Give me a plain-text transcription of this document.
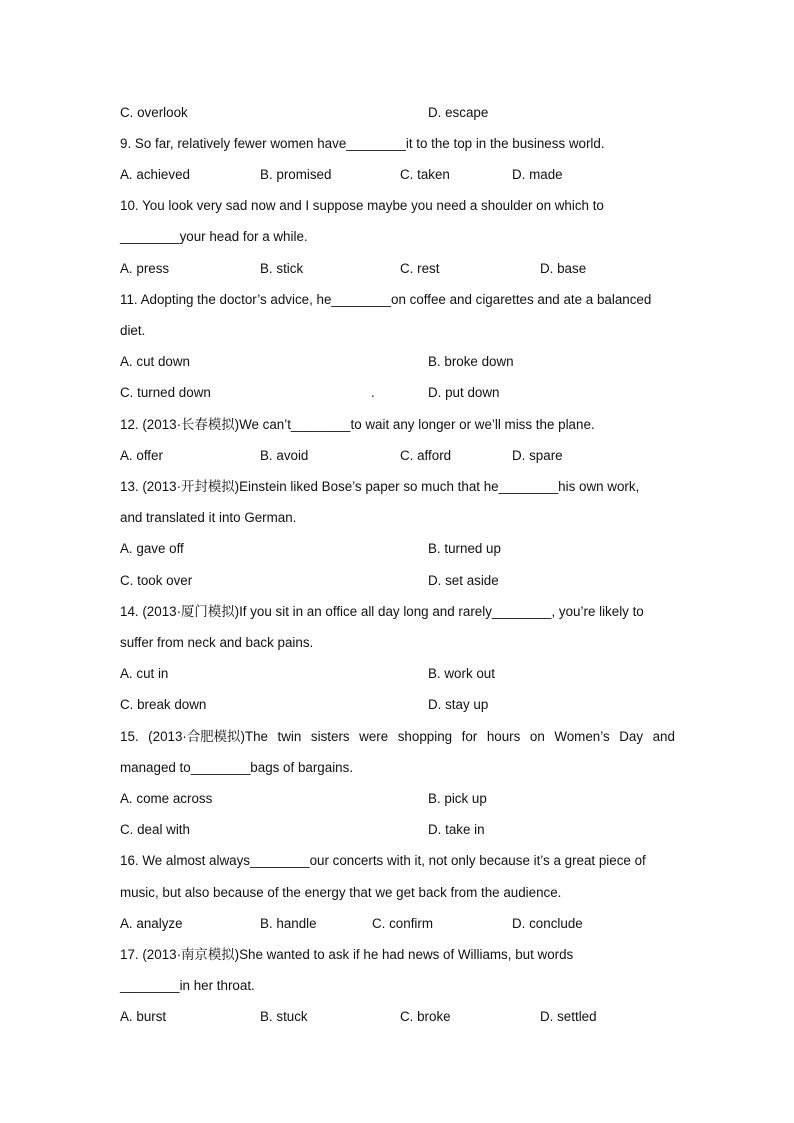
C. overlook	D. escape
9. So far, relatively fewer women have________it to the top in the business world.
A. achieved	B. promised	C. taken	D. made
10. You look very sad now and I suppose maybe you need a shoulder on which to
________your head for a while.
A. press	B. stick	C. rest	D. base
11. Adopting the doctor’s advice, he________on coffee and cigarettes and ate a balanced
diet.
A. cut down	B. broke down
C. turned down	.	D. put down
12. (2013·长春模拟)We can’t________to wait any longer or we’ll miss the plane.
A. offer	B. avoid	C. afford	D. spare
13. (2013·开封模拟)Einstein liked Bose’s paper so much that he________his own work,
and translated it into German.
A. gave off	B. turned up
C. took over	D. set aside
14. (2013·厦门模拟)If you sit in an office all day long and rarely________, you’re likely to
suffer from neck and back pains.
A. cut in	B. work out
C. break down	D. stay up
15. (2013·合肥模拟)The twin sisters were shopping for hours on Women’s Day and
managed to________bags of bargains.
A. come across	B. pick up
C. deal with	D. take in
16. We almost always________our concerts with it, not only because it’s a great piece of
music, but also because of the energy that we get back from the audience.
A. analyze	B. handle	C. confirm	D. conclude
17. (2013·南京模拟)She wanted to ask if he had news of Williams, but words
________in her throat.
A. burst	B. stuck	C. broke	D. settled
